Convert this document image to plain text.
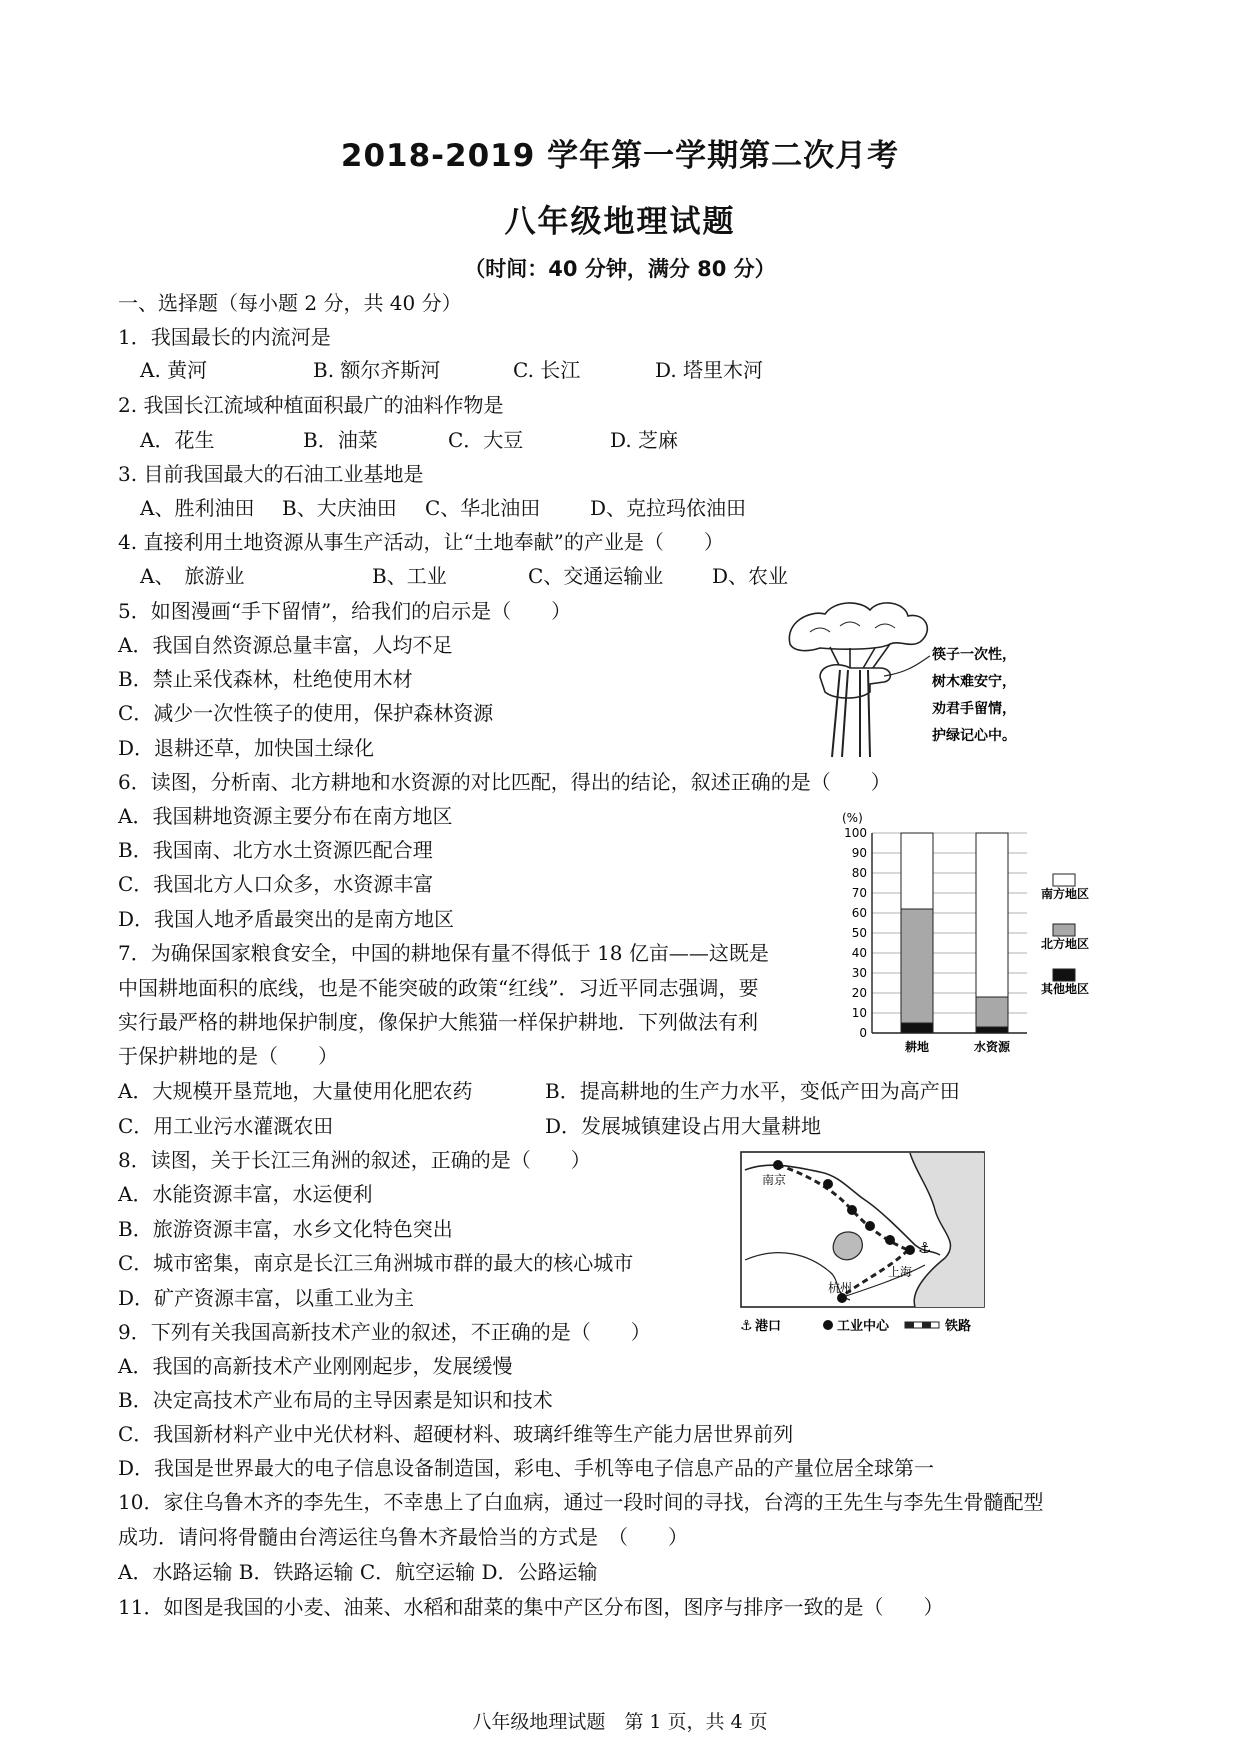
2018-2019 学年第一学期第二次月考
八年级地理试题
（时间：40 分钟，满分 80 分）
一、选择题（每小题 2 分，共 40 分）
1．我国最长的内流河是
A. 黄河	B. 额尔齐斯河	C. 长江	D. 塔里木河
2. 我国长江流域种植面积最广的油料作物是
A．花生	B．油菜	C．大豆	D. 芝麻
3. 目前我国最大的石油工业基地是
A、胜利油田 B、大庆油田 C、华北油田 D、克拉玛依油田
4. 直接利用土地资源从事生产活动，让“土地奉献”的产业是（　　）
A、　旅游业	B、工业	C、交通运输业 D、农业
5．如图漫画“手下留情”，给我们的启示是（　　）
A．我国自然资源总量丰富，人均不足
B．禁止采伐森林，杜绝使用木材
C．减少一次性筷子的使用，保护森林资源
D．退耕还草，加快国土绿化
筷子一次性，
树木难安宁，
劝君手留情，
护绿记心中。
6．读图，分析南、北方耕地和水资源的对比匹配，得出的结论，叙述正确的是（　　）
A．我国耕地资源主要分布在南方地区
B．我国南、北方水土资源匹配合理
C．我国北方人口众多，水资源丰富
D．我国人地矛盾最突出的是南方地区
(%)
0
10
20
30
40
50
60
70
80
90
100
耕地	水资源
南方地区
北方地区
其他地区
7．为确保国家粮食安全，中国的耕地保有量不得低于 18 亿亩——这既是
中国耕地面积的底线，也是不能突破的政策“红线”．习近平同志强调，要
实行最严格的耕地保护制度，像保护大熊猫一样保护耕地．下列做法有利
于保护耕地的是（　　）
A．大规模开垦荒地，大量使用化肥农药	B．提高耕地的生产力水平，变低产田为高产田
C．用工业污水灌溉农田	D．发展城镇建设占用大量耕地
8．读图，关于长江三角洲的叙述，正确的是（　　）
A．水能资源丰富，水运便利
B．旅游资源丰富，水乡文化特色突出
C．城市密集，南京是长江三角洲城市群的最大的核心城市
D．矿产资源丰富，以重工业为主
⚓
南京
上海
杭州
⚓ 港口	工业中心	铁路
9．下列有关我国高新技术产业的叙述，不正确的是（　　）
A．我国的高新技术产业刚刚起步，发展缓慢
B．决定高技术产业布局的主导因素是知识和技术
C．我国新材料产业中光伏材料、超硬材料、玻璃纤维等生产能力居世界前列
D．我国是世界最大的电子信息设备制造国，彩电、手机等电子信息产品的产量位居全球第一
10．家住乌鲁木齐的李先生，不幸患上了白血病，通过一段时间的寻找，台湾的王先生与李先生骨髓配型
成功．请问将骨髓由台湾运往乌鲁木齐最恰当的方式是　（　　）
A．水路运输 B．铁路运输 C．航空运输 D．公路运输
11．如图是我国的小麦、油莱、水稻和甜菜的集中产区分布图，图序与排序一致的是（　　）
八年级地理试题　第 1 页，共 4 页
